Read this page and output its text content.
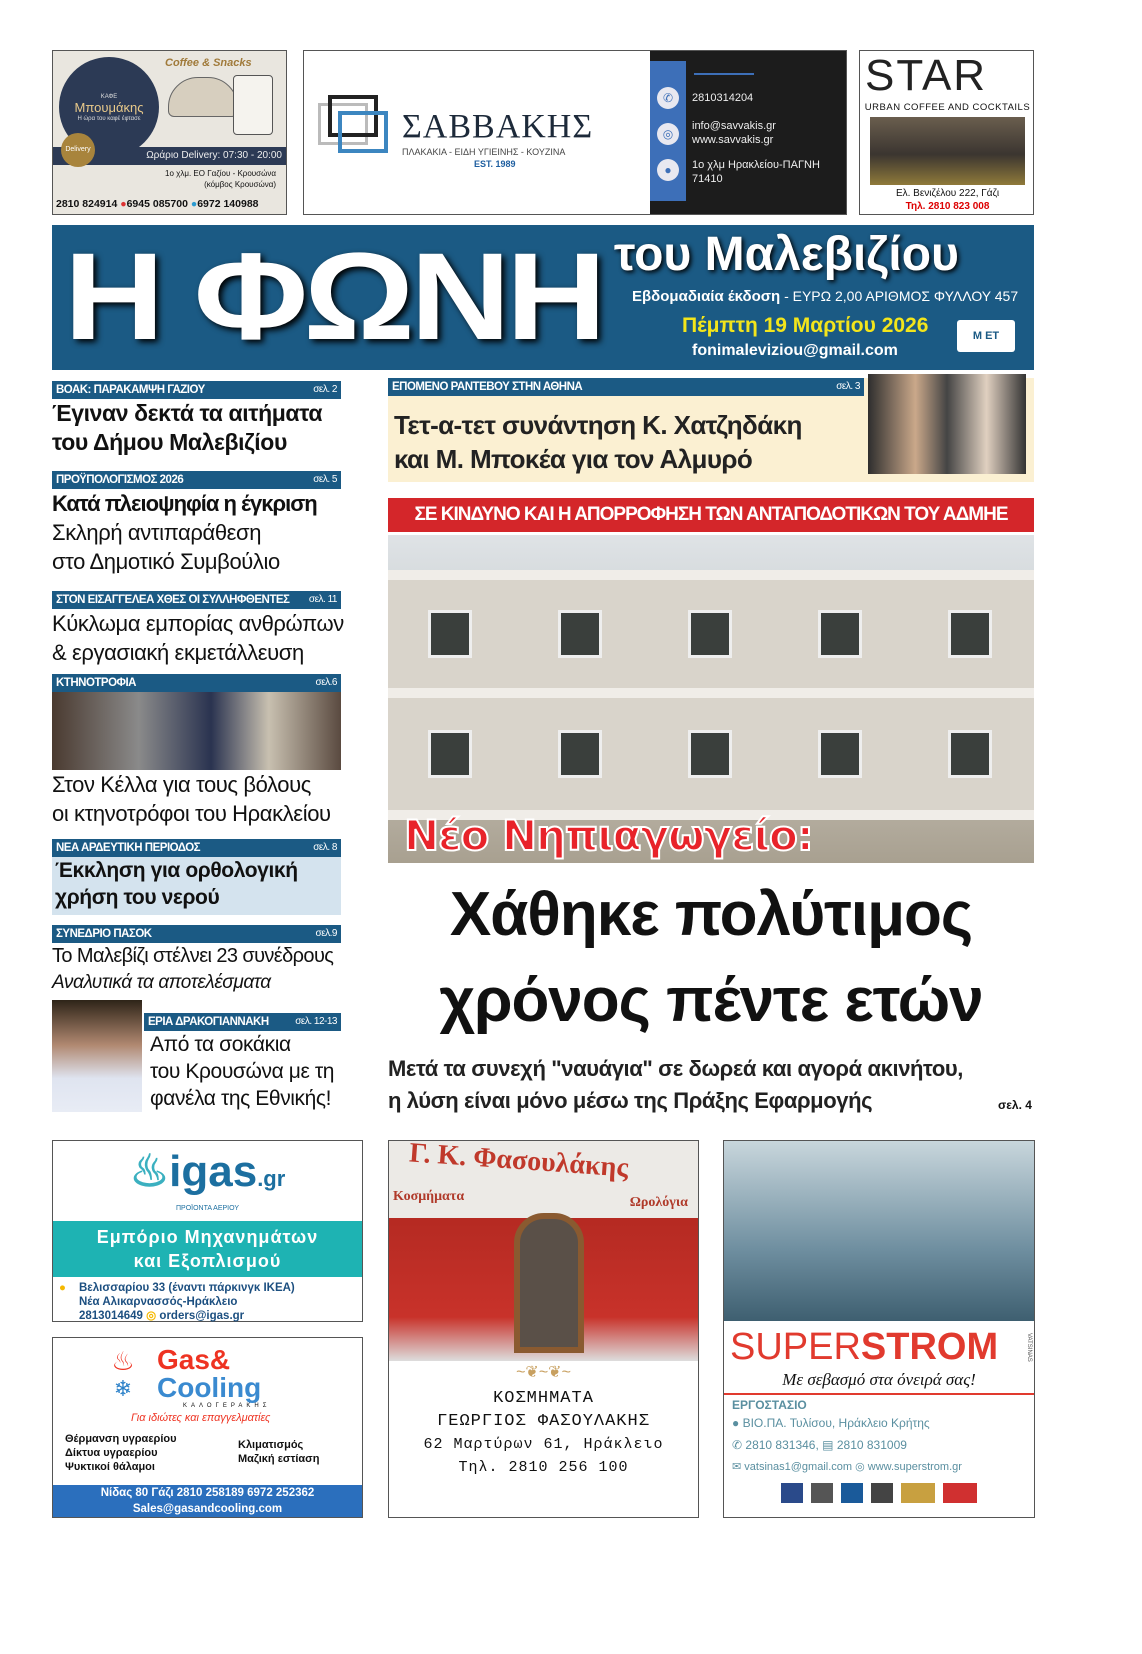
ΚΑΦΕ
Μπουμάκης
Η ώρα του καφέ έφτασε
Coffee & Snacks
Ωράριο Delivery: 07:30 - 20:00
Delivery
1ο χλμ. ΕΟ Γαζίου - Κρουσώνα
(κόμβος Κρουσώνα)
2810 824914 ●6945 085700 ●6972 140988
ΣΑΒΒΑΚΗΣ
ΠΛΑΚΑΚΙΑ - ΕΙΔΗ ΥΓΙΕΙΝΗΣ - ΚΟΥΖΙΝΑ
EST. 1989
✆
◎
●
2810314204
info@savvakis.gr
www.savvakis.gr
1ο χλμ Ηρακλείου-ΠΑΓΝΗ
71410
STAR
URBAN COFFEE AND COCKTAILS
Ελ. Βενιζέλου 222, Γάζι
Τηλ. 2810 823 008
Η ΦΩΝΗ του Μαλεβιζίου
Εβδομαδιαία έκδοση - ΕΥΡΩ 2,00 ΑΡΙΘΜΟΣ ΦΥΛΛΟΥ 457
Πέμπτη 19 Μαρτίου 2026
fonimaleviziou@gmail.com
Μ ΕΤ
ΒΟΑΚ: ΠΑΡΑΚΑΜΨΗ ΓΑΖΙΟΥ	σελ. 2
Έγιναν δεκτά τα αιτήματα
του Δήμου Μαλεβιζίου
ΠΡΟΫΠΟΛΟΓΙΣΜΟΣ 2026	σελ. 5
Κατά πλειοψηφία η έγκριση
Σκληρή αντιπαράθεση
στο Δημοτικό Συμβούλιο
ΣΤΟΝ ΕΙΣΑΓΓΕΛΕΑ ΧΘΕΣ ΟΙ ΣΥΛΛΗΦΘΕΝΤΕΣ σελ. 11
Κύκλωμα εμπορίας ανθρώπων
& εργασιακή εκμετάλλευση
ΚΤΗΝΟΤΡΟΦΙΑ	σελ.6
Στον Κέλλα για τους βόλους
οι κτηνοτρόφοι του Ηρακλείου
ΝΕΑ ΑΡΔΕΥΤΙΚΗ ΠΕΡΙΟΔΟΣ	σελ. 8
Έκκληση για ορθολογική
χρήση του νερού
ΣΥΝΕΔΡΙΟ ΠΑΣΟΚ	σελ.9
Το Μαλεβίζι στέλνει 23 συνέδρους
Αναλυτικά τα αποτελέσματα
ΕΡΙΑ ΔΡΑΚΟΓΙΑΝΝΑΚΗ	σελ. 12-13
Από τα σοκάκια
του Κρουσώνα με τη
φανέλα της Εθνικής!
ΕΠΟΜΕΝΟ ΡΑΝΤΕΒΟΥ ΣΤΗΝ ΑΘΗΝΑ	σελ. 3
Τετ-α-τετ συνάντηση Κ. Χατζηδάκη
και Μ. Μποκέα για τον Αλμυρό
ΣΕ ΚΙΝΔΥΝΟ ΚΑΙ Η ΑΠΟΡΡΟΦΗΣΗ ΤΩΝ ΑΝΤΑΠΟΔΟΤΙΚΩΝ ΤΟΥ ΑΔΜΗΕ
Νέο Νηπιαγωγείο:
Χάθηκε πολύτιμος
χρόνος πέντε ετών
Μετά τα συνεχή "ναυάγια" σε δωρεά και αγορά ακινήτου,
η λύση είναι μόνο μέσω της Πράξης Εφαρμογής	σελ. 4
♨igas.gr
ΠΡΟΪΟΝΤΑ ΑΕΡΙΟΥ
Εμπόριο Μηχανημάτων
και Εξοπλισμού
● Βελισσαρίου 33 (έναντι πάρκινγκ ΙΚΕΑ)
Νέα Αλικαρνασσός-Ηράκλειο
2813014649 ◎ orders@igas.gr
♨
❄
Gas&
Cooling
ΚΑΛΟΓΕΡΑΚΗΣ
Για ιδιώτες και επαγγελματίες
Θέρμανση υγραερίου
Δίκτυα υγραερίου
Ψυκτικοί θάλαμοι
Κλιματισμός
Μαζική εστίαση
Νίδας 80 Γάζι 2810 258189 6972 252362
Sales@gasandcooling.com
Γ. Κ. Φασουλάκης
Κοσμήματα	Ωρολόγια
~❦~❦~
ΚΟΣΜΗΜΑΤΑ
ΓΕΩΡΓΙΟΣ ΦΑΣΟΥΛΑΚΗΣ
62 Μαρτύρων 61, Ηράκλειο
Τηλ. 2810 256 100
SUPERSTROM	VATSINAS
Με σεβασμό στα όνειρά σας!
ΕΡΓΟΣΤΑΣΙΟ
● ΒΙΟ.ΠΑ. Τυλίσου, Ηράκλειο Κρήτης
✆ 2810 831346, ▤ 2810 831009
✉ vatsinas1@gmail.com ◎ www.superstrom.gr
